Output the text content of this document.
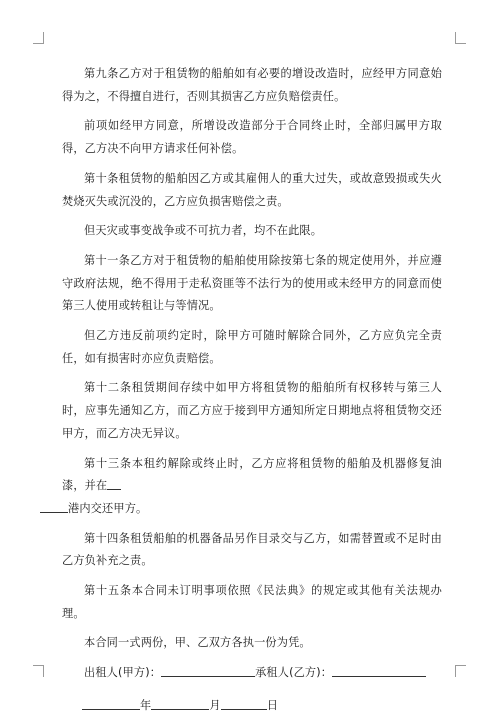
第九条乙方对于租赁物的船舶如有必要的增设改造时，应经甲方同意始得为之，不得擅自进行，否则其损害乙方应负赔偿责任。

前项如经甲方同意，所增设改造部分于合同终止时，全部归属甲方取得，乙方决不向甲方请求任何补偿。

第十条租赁物的船舶因乙方或其雇佣人的重大过失，或故意毁损或失火焚烧灭失或沉没的，乙方应负损害赔偿之责。

但天灾或事变战争或不可抗力者，均不在此限。

第十一条乙方对于租赁物的船舶使用除按第七条的规定使用外，并应遵守政府法规，绝不得用于走私资匪等不法行为的使用或未经甲方的同意而使第三人使用或转租让与等情况。

但乙方违反前项约定时，除甲方可随时解除合同外，乙方应负完全责任，如有损害时亦应负责赔偿。

第十二条租赁期间存续中如甲方将租赁物的船舶所有权移转与第三人时，应事先通知乙方，而乙方应于接到甲方通知所定日期地点将租赁物交还甲方，而乙方决无异议。

第十三条本租约解除或终止时，乙方应将租赁物的船舶及机器修复油漆，并在
港内交还甲方。

第十四条租赁船舶的机器备品另作目录交与乙方，如需替置或不足时由乙方负补充之责。

第十五条本合同未订明事项依照《民法典》的规定或其他有关法规办理。

本合同一式两份，甲、乙双方各执一份为凭。

出租人(甲方)：	承租人(乙方)：

年	月	日
